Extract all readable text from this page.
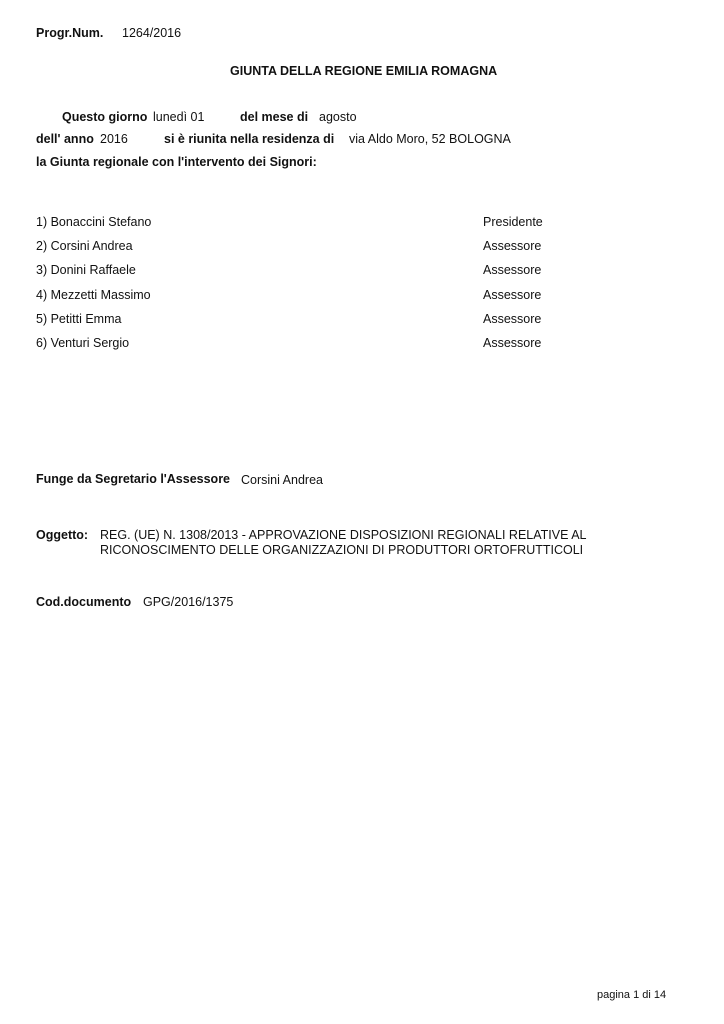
Progr.Num. 1264/2016
GIUNTA DELLA REGIONE EMILIA ROMAGNA
Questo giorno lunedì 01	del mese di agosto
dell' anno 2016	si è riunita nella residenza di via Aldo Moro, 52 BOLOGNA
la Giunta regionale con l'intervento dei Signori:
1) Bonaccini Stefano	Presidente
2) Corsini Andrea	Assessore
3) Donini Raffaele	Assessore
4) Mezzetti Massimo	Assessore
5) Petitti Emma	Assessore
6) Venturi Sergio	Assessore
Funge da Segretario l'Assessore Corsini Andrea
Oggetto: REG. (UE) N. 1308/2013 - APPROVAZIONE DISPOSIZIONI REGIONALI RELATIVE AL
RICONOSCIMENTO DELLE ORGANIZZAZIONI DI PRODUTTORI ORTOFRUTTICOLI
Cod.documento GPG/2016/1375
pagina 1 di 14
